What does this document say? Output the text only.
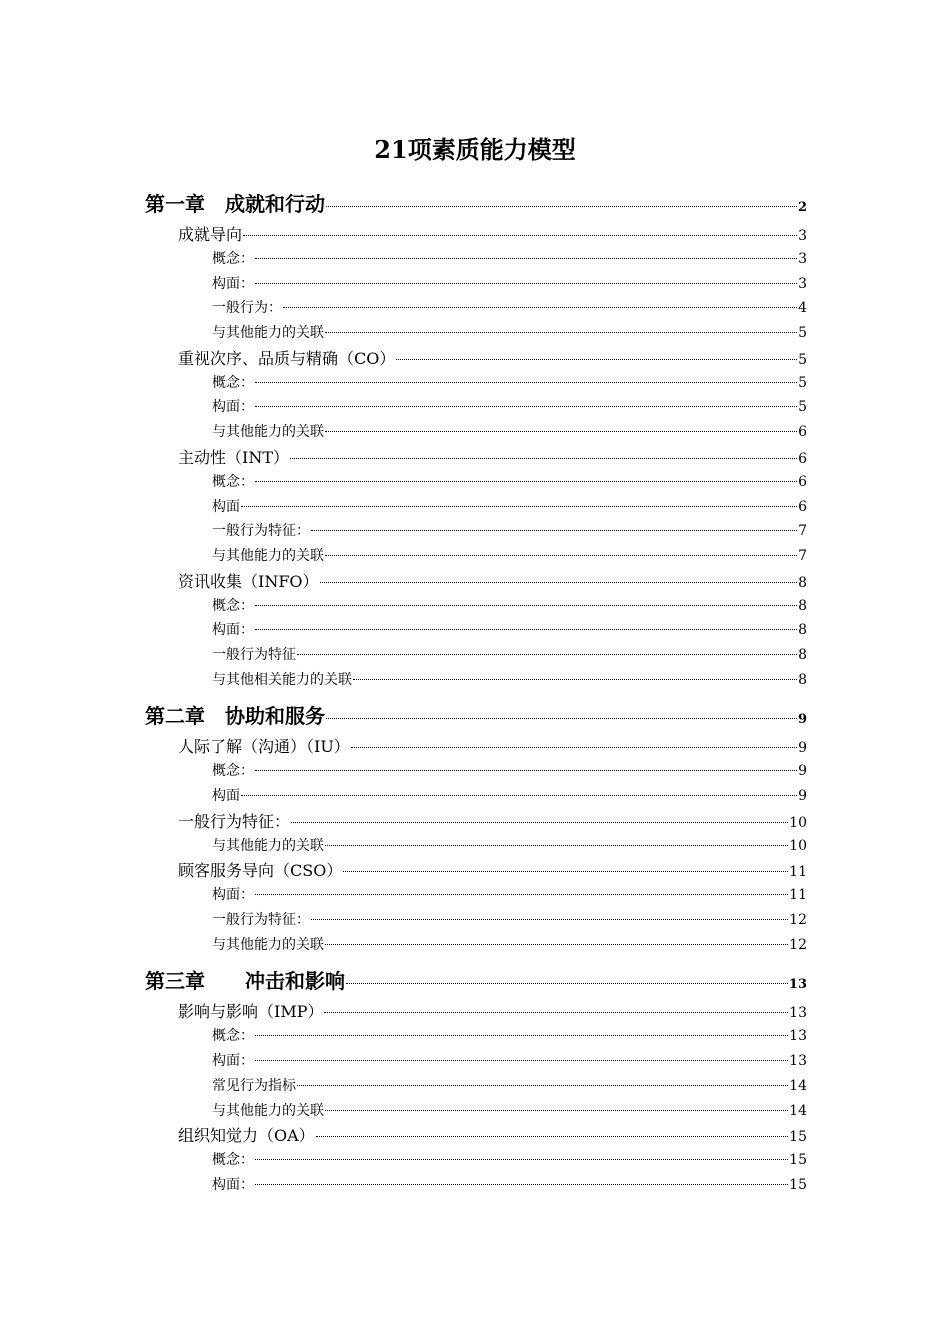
21项素质能力模型
第一章　成就和行动	2
成就导向	3
概念：	3
构面：	3
一般行为：	4
与其他能力的关联	5
重视次序、品质与精确（CO）	5
概念：	5
构面：	5
与其他能力的关联	6
主动性（INT）	6
概念：	6
构面	6
一般行为特征：	7
与其他能力的关联	7
资讯收集（INFO）	8
概念：	8
构面：	8
一般行为特征	8
与其他相关能力的关联	8
第二章　协助和服务	9
人际了解（沟通）（IU）	9
概念：	9
构面	9
一般行为特征：	10
与其他能力的关联	10
顾客服务导向（CSO）	11
构面：	11
一般行为特征：	12
与其他能力的关联	12
第三章　　冲击和影响	13
影响与影响（IMP）	13
概念：	13
构面：	13
常见行为指标	14
与其他能力的关联	14
组织知觉力（OA）	15
概念：	15
构面：	15
